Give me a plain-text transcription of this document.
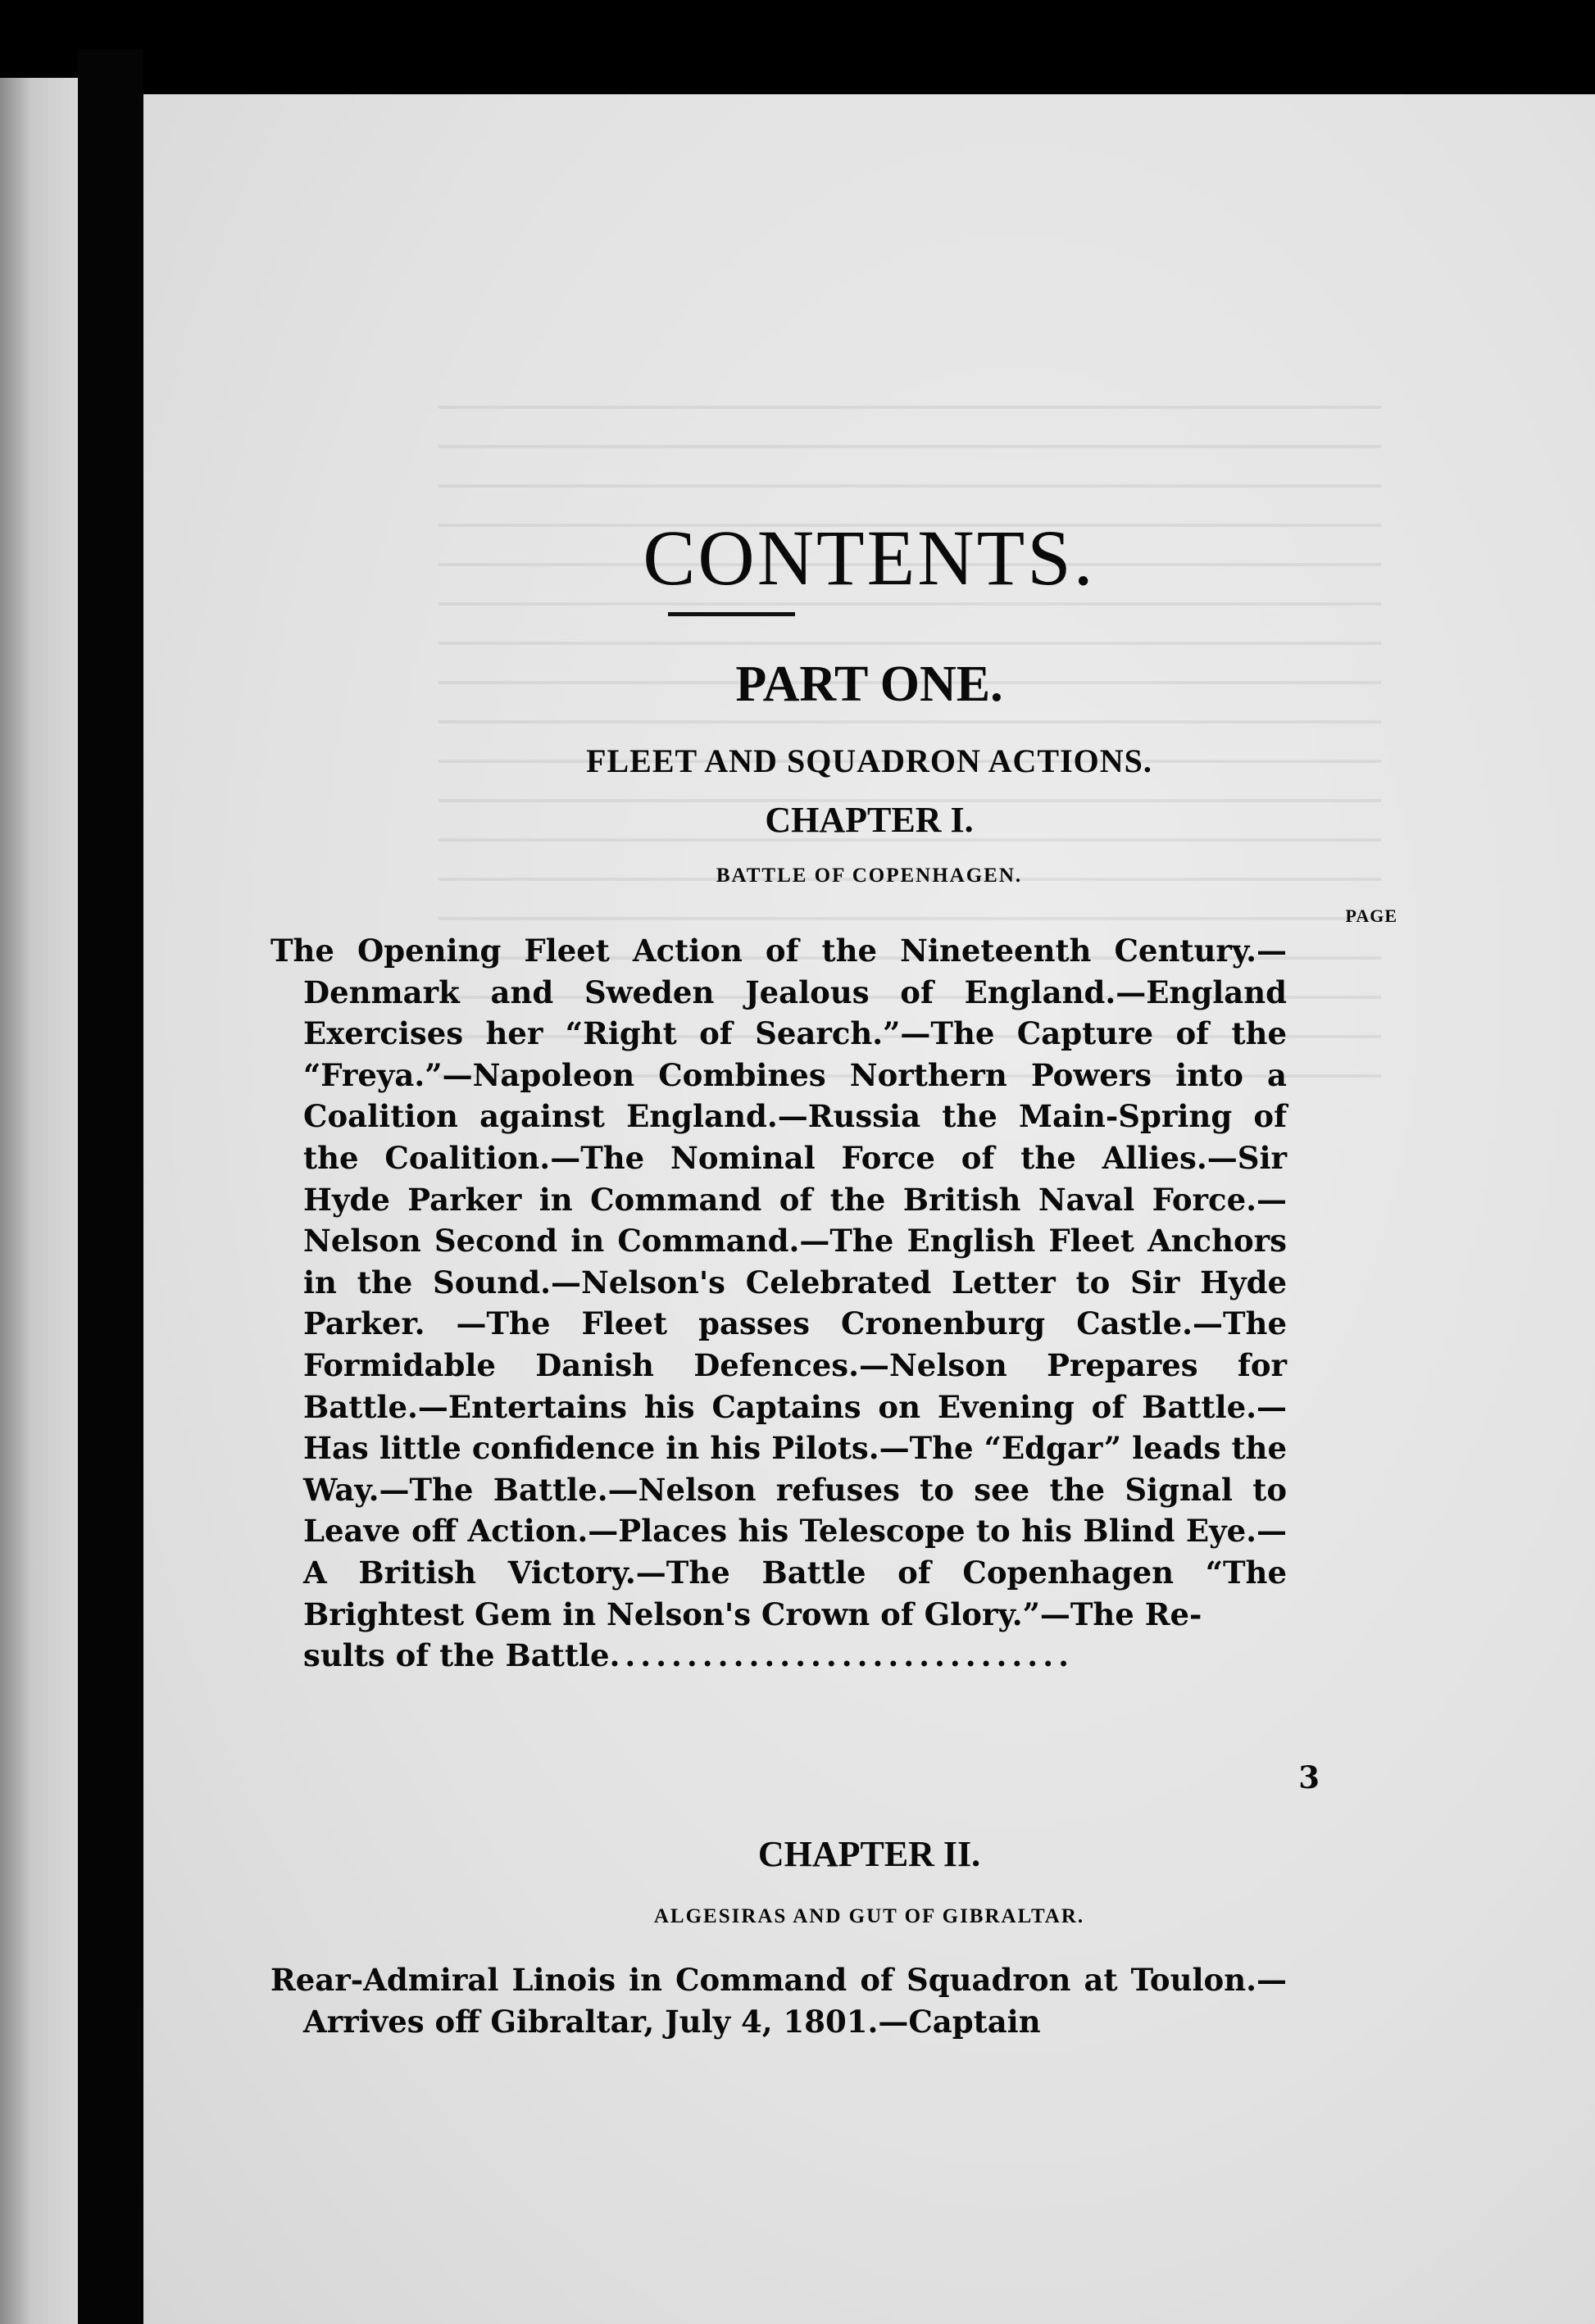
CONTENTS.
PART ONE.
FLEET AND SQUADRON ACTIONS.
CHAPTER I.
BATTLE OF COPENHAGEN.
PAGE
The Opening Fleet Action of the Nineteenth Century.—Denmark and Sweden Jealous of England.—England Exercises her “Right of Search.”—The Capture of the “Freya.”—Napoleon Combines Northern Powers into a Coalition against England.—Russia the Main-Spring of the Coalition.—The Nominal Force of the Allies.—Sir Hyde Parker in Command of the British Naval Force.—Nelson Second in Command.—The English Fleet Anchors in the Sound.—Nelson's Celebrated Letter to Sir Hyde Parker. —The Fleet passes Cronenburg Castle.—The Formidable Danish Defences.—Nelson Prepares for Battle.—Entertains his Captains on Evening of Battle.—Has little confidence in his Pilots.—The “Edgar” leads the Way.—The Battle.—Nelson refuses to see the Signal to Leave off Action.—Places his Telescope to his Blind Eye.—A British Victory.—The Battle of Copenhagen “The Brightest Gem in Nelson's Crown of Glory.”—The Re-
sults of the Battle ..............................
3
CHAPTER II.
ALGESIRAS AND GUT OF GIBRALTAR.
Rear-Admiral Linois in Command of Squadron at Toulon.—Arrives off Gibraltar, July 4, 1801.—Captain
